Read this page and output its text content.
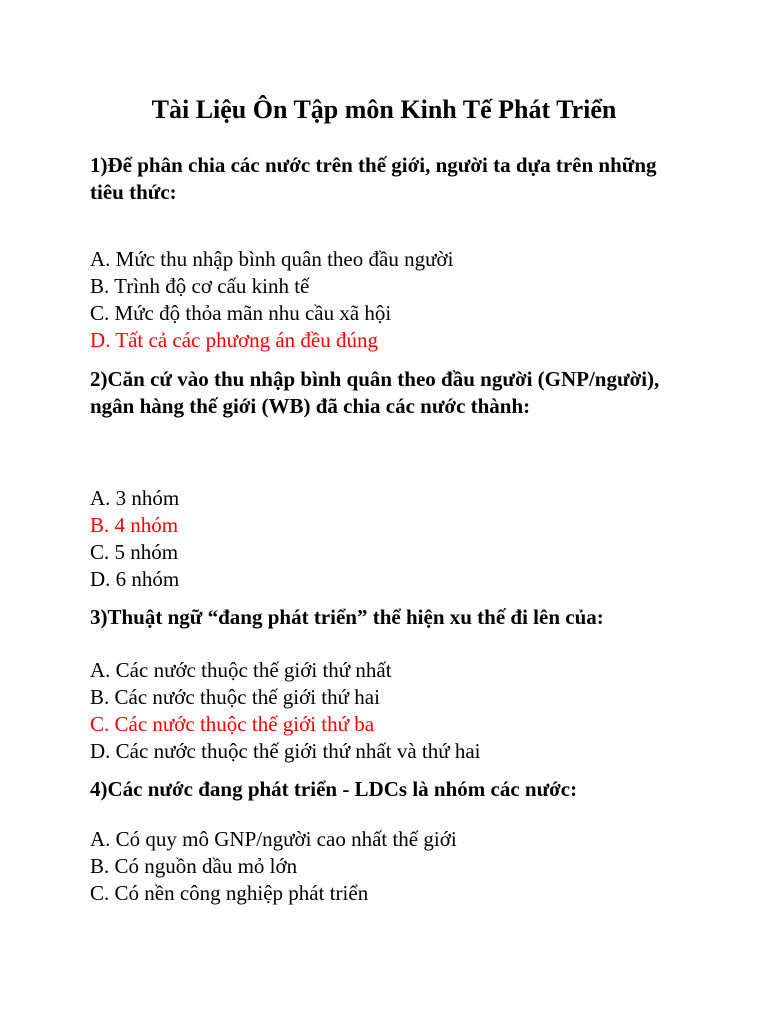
Tài Liệu Ôn Tập môn Kinh Tế Phát Triển

1)Để phân chia các nước trên thế giới, người ta dựa trên những tiêu thức:

A. Mức thu nhập bình quân theo đầu người
B. Trình độ cơ cấu kinh tế
C. Mức độ thỏa mãn nhu cầu xã hội
D. Tất cả các phương án đều đúng

2)Căn cứ vào thu nhập bình quân theo đầu người (GNP/người), ngân hàng thế giới (WB) đã chia các nước thành:

A. 3 nhóm
B. 4 nhóm
C. 5 nhóm
D. 6 nhóm

3)Thuật ngữ “đang phát triển” thể hiện xu thế đi lên của:

A. Các nước thuộc thế giới thứ nhất
B. Các nước thuộc thế giới thứ hai
C. Các nước thuộc thế giới thứ ba
D. Các nước thuộc thế giới thứ nhất và thứ hai

4)Các nước đang phát triển - LDCs là nhóm các nước:

A. Có quy mô GNP/người cao nhất thế giới
B. Có nguồn dầu mỏ lớn
C. Có nền công nghiệp phát triển
